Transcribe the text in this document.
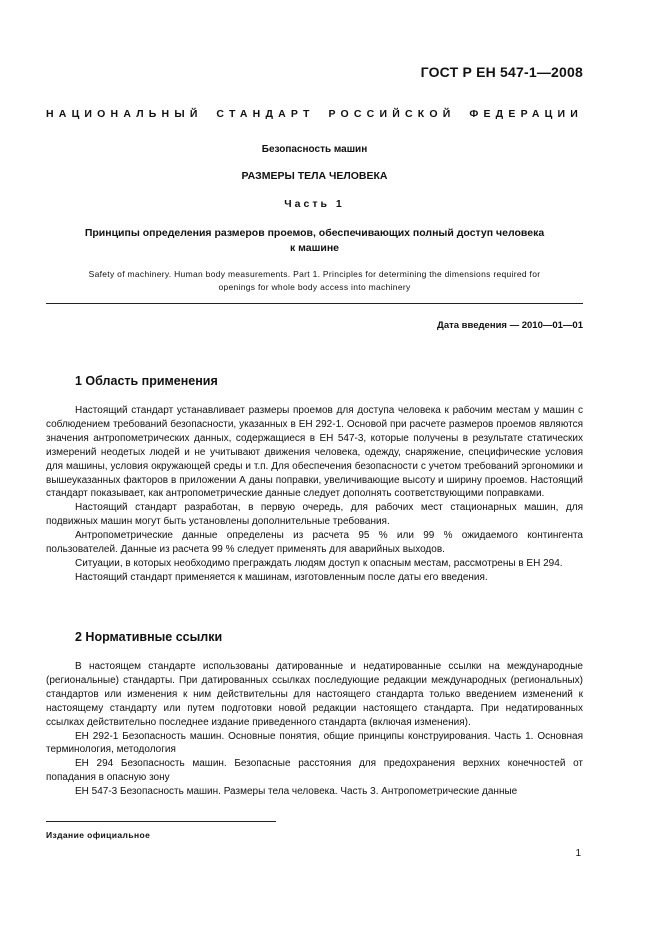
ГОСТ Р ЕН 547-1—2008
НАЦИОНАЛЬНЫЙ СТАНДАРТ РОССИЙСКОЙ ФЕДЕРАЦИИ
Безопасность машин
РАЗМЕРЫ ТЕЛА ЧЕЛОВЕКА
Часть 1
Принципы определения размеров проемов, обеспечивающих полный доступ человека
к машине
Safety of machinery. Human body measurements. Part 1. Principles for determining the dimensions required for
openings for whole body access into machinery
Дата введения — 2010—01—01
1 Область применения

Настоящий стандарт устанавливает размеры проемов для доступа человека к рабочим местам у машин с соблюдением требований безопасности, указанных в ЕН 292-1. Основой при расчете размеров проемов являются значения антропометрических данных, содержащиеся в ЕН 547-3, которые получены в результате статических измерений неодетых людей и не учитывают движения человека, одежду, снаряжение, специфические условия для машины, условия окружающей среды и т.п. Для обеспечения безопасности с учетом требований эргономики и вышеуказанных факторов в приложении А даны поправки, увеличивающие высоту и ширину проемов. Настоящий стандарт показывает, как антропометрические данные следует дополнять соответствующими поправками.

Настоящий стандарт разработан, в первую очередь, для рабочих мест стационарных машин, для подвижных машин могут быть установлены дополнительные требования.

Антропометрические данные определены из расчета 95 % или 99 % ожидаемого контингента пользователей. Данные из расчета 99 % следует применять для аварийных выходов.

Ситуации, в которых необходимо преграждать людям доступ к опасным местам, рассмотрены в ЕН 294.

Настоящий стандарт применяется к машинам, изготовленным после даты его введения.

2 Нормативные ссылки

В настоящем стандарте использованы датированные и недатированные ссылки на международные (региональные) стандарты. При датированных ссылках последующие редакции международных (региональных) стандартов или изменения к ним действительны для настоящего стандарта только введением изменений к настоящему стандарту или путем подготовки новой редакции настоящего стандарта. При недатированных ссылках действительно последнее издание приведенного стандарта (включая изменения).

ЕН 292-1 Безопасность машин. Основные понятия, общие принципы конструирования. Часть 1. Основная терминология, методология

ЕН 294 Безопасность машин. Безопасные расстояния для предохранения верхних конечностей от попадания в опасную зону

ЕН 547-3 Безопасность машин. Размеры тела человека. Часть 3. Антропометрические данные

Издание официальное
1
